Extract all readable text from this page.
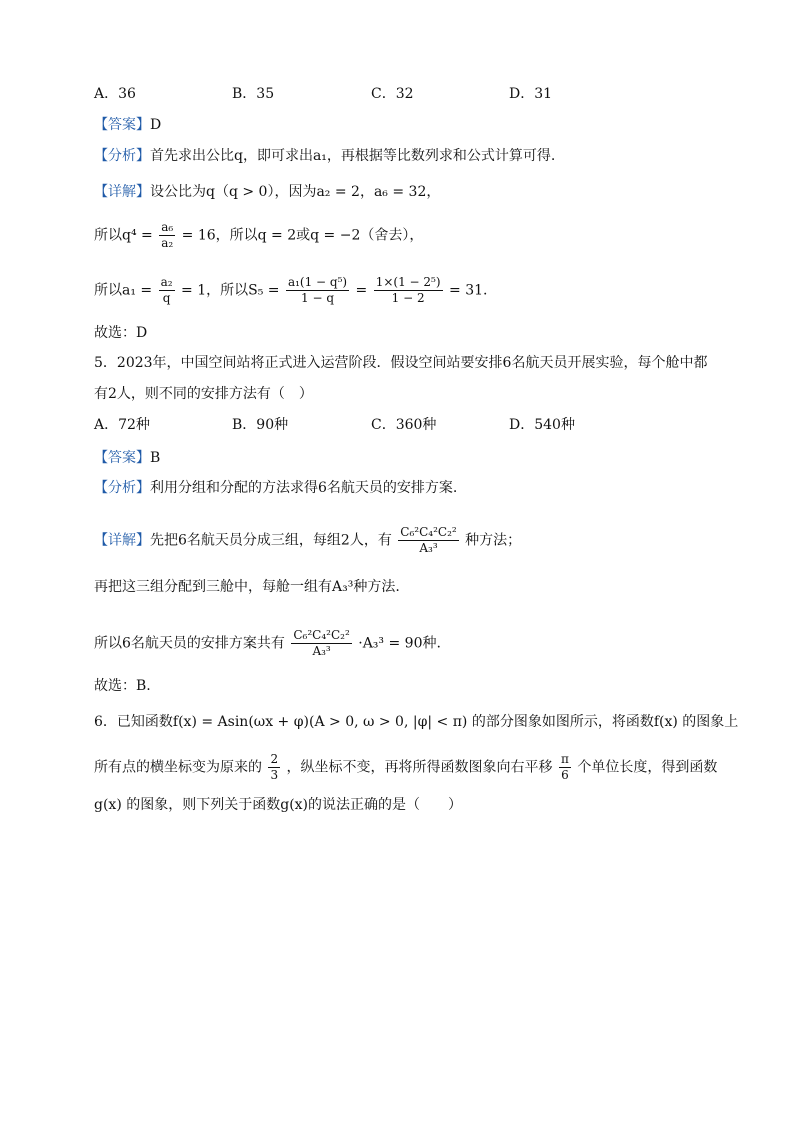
A．36	B．35	C．32	D．31
【答案】D
【分析】首先求出公比q，即可求出a₁，再根据等比数列求和公式计算可得.
【详解】设公比为q（q > 0），因为a₂ = 2，a₆ = 32，
所以$q^4 = \frac{\text{a₆}}{\text{a₂}} = 16$，所以q = 2或q = −2（舍去），
所以$a_1 = \frac{\text{a₂}}{q} = 1$，所以$S_5 = \frac{\text{a₁(1 − q⁵)}}{1 - q} = \frac{\text{1×(1 − 2⁵)}}{1 - 2} = 31$.
故选：D
5．2023年，中国空间站将正式进入运营阶段．假设空间站要安排6名航天员开展实验，每个舱中都
有2人，则不同的安排方法有（　）
A．72种	B．90种	C．360种	D．540种
【答案】B
【分析】利用分组和分配的方法求得6名航天员的安排方案.
【详解】先把6名航天员分成三组，每组2人，有 $\frac{\text{C₆²C₄²C₂²}}{\text{A₃³}}$ 种方法；
再把这三组分配到三舱中，每舱一组有A₃³种方法.
所以6名航天员的安排方案共有 $\frac{\text{C₆²C₄²C₂²}}{\text{A₃³}} \cdot A_3^3 = 90$种.
故选：B.
6．已知函数f(x) = Asin(ωx + φ)(A > 0, ω > 0, |φ| < π) 的部分图象如图所示，将函数f(x) 的图象上
所有点的横坐标变为原来的 $\frac{2}{3}$ ，纵坐标不变，再将所得函数图象向右平移 $\frac{\pi}{6}$ 个单位长度，得到函数
g(x) 的图象，则下列关于函数g(x)的说法正确的是（　　）
